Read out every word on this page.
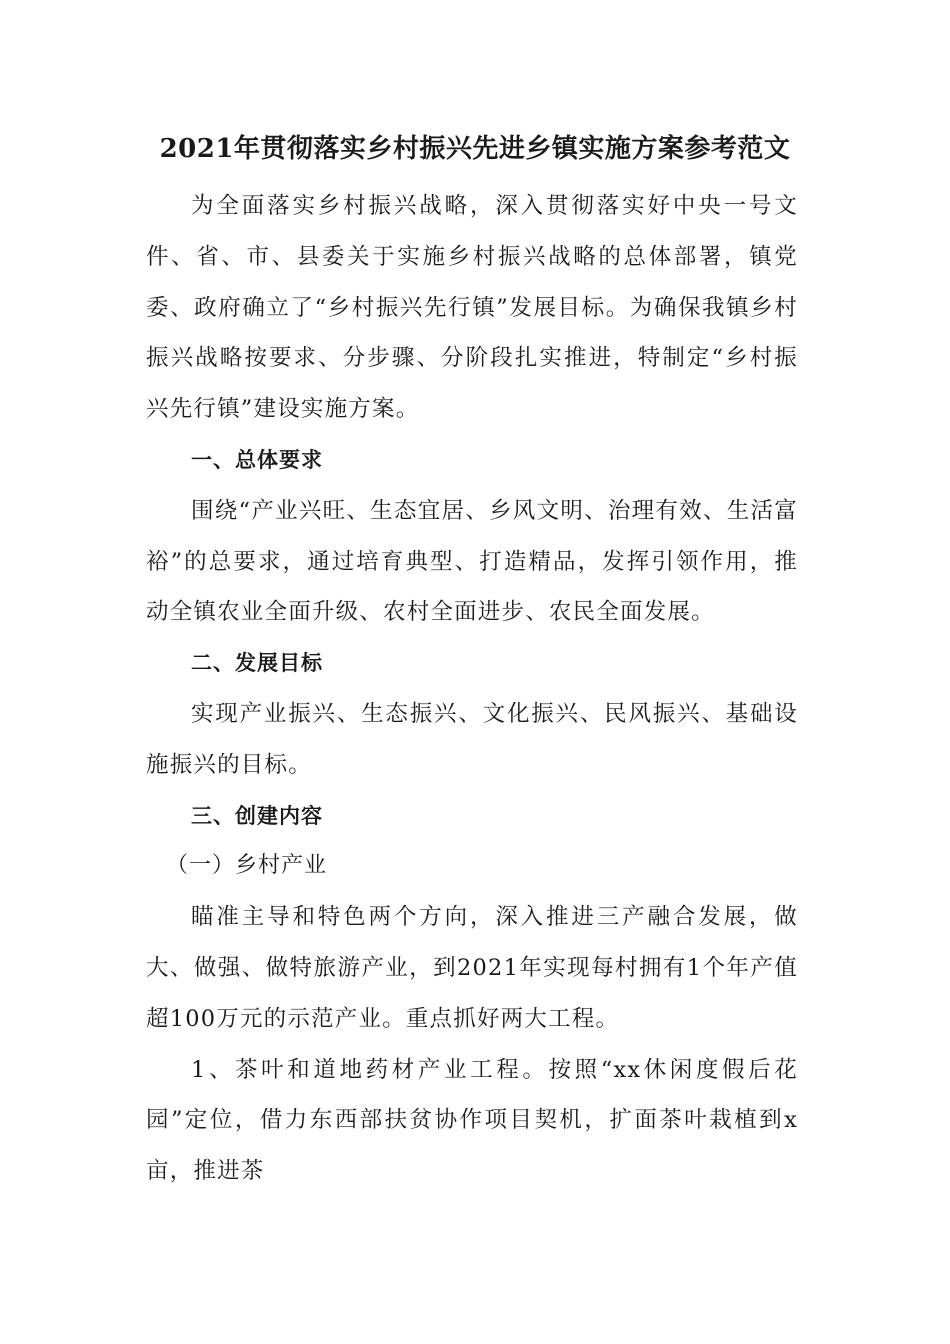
2021年贯彻落实乡村振兴先进乡镇实施方案参考范文

为全面落实乡村振兴战略，深入贯彻落实好中央一号文件、省、市、县委关于实施乡村振兴战略的总体部署，镇党委、政府确立了“乡村振兴先行镇”发展目标。为确保我镇乡村振兴战略按要求、分步骤、分阶段扎实推进，特制定“乡村振兴先行镇”建设实施方案。

一、总体要求

围绕“产业兴旺、生态宜居、乡风文明、治理有效、生活富裕”的总要求，通过培育典型、打造精品，发挥引领作用，推动全镇农业全面升级、农村全面进步、农民全面发展。

二、发展目标

实现产业振兴、生态振兴、文化振兴、民风振兴、基础设施振兴的目标。

三、创建内容
（一）乡村产业

瞄准主导和特色两个方向，深入推进三产融合发展，做大、做强、做特旅游产业，到2021年实现每村拥有1个年产值超100万元的示范产业。重点抓好两大工程。

1、茶叶和道地药材产业工程。按照“xx休闲度假后花园”定位，借力东西部扶贫协作项目契机，扩面茶叶栽植到x亩，推进茶
